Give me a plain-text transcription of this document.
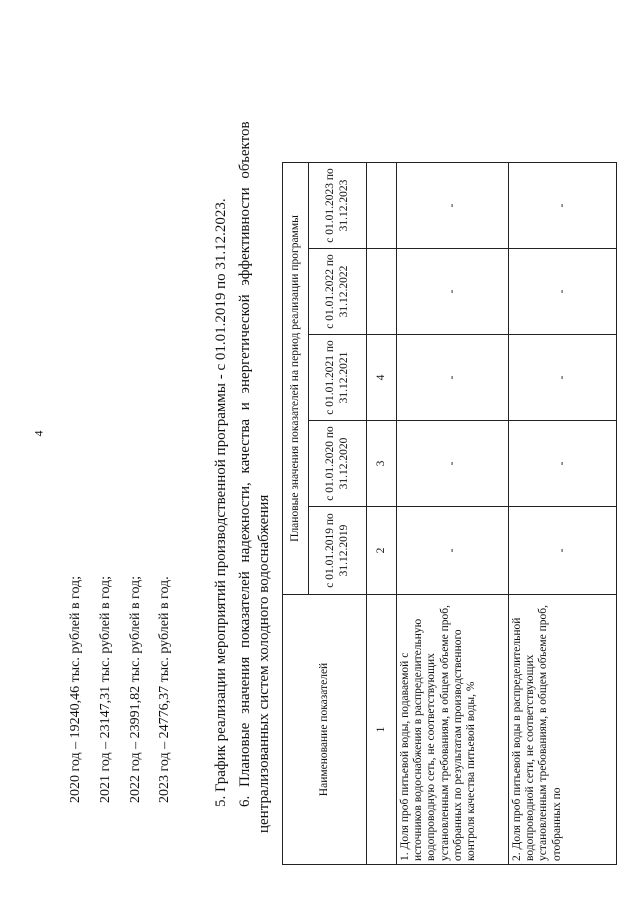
4
2020 год – 19240,46 тыс. рублей в год; 2021 год – 23147,31 тыс. рублей в год; 2022 год – 23991,82 тыс. рублей в год; 2023 год – 24776,37 тыс. рублей в год.	5. График реализации мероприятий производственной программы - с 01.01.2019 по 31.12.2023. 6. Плановые значения показателей надежности, качества и энергетической эффективности объектов централизованных систем холодного водоснабжения	Наименование показателей	Плановые значения показателей на период реализации программы				
	с 01.01.2019 по 31.12.2019	с 01.01.2020 по 31.12.2020	с 01.01.2021 по 31.12.2021	с 01.01.2022 по 31.12.2022	с 01.01.2023 по 31.12.2023
1	2	3	4		
1. Доля проб питьевой воды, подаваемой с источников водоснабжения в распределительную водопроводную сеть, не соответствующих установленным требованиям, в общем объеме проб, отобранных по результатам производственного контроля качества питьевой воды, %	-	-	-	-	-
2. Доля проб питьевой воды в распределительной водопроводной сети, не соответствующих установленным требованиям, в общем объеме проб, отобранных по	-	-	-	-	-
